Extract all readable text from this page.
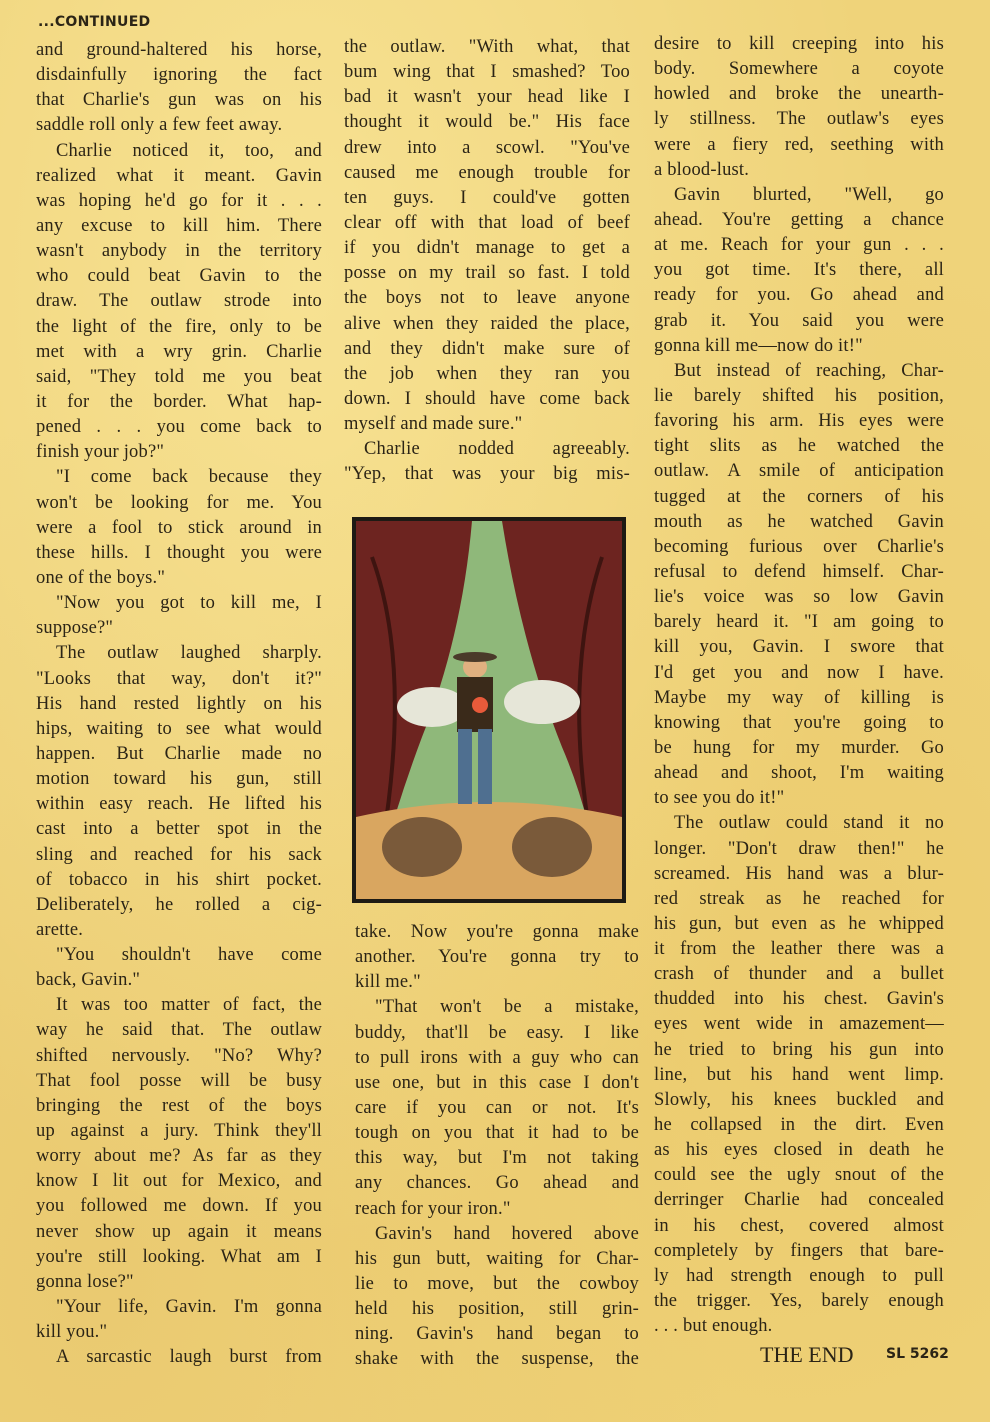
...CONTINUED
and ground-haltered his horse,
disdainfully ignoring the fact
that Charlie's gun was on his
saddle roll only a few feet away.
Charlie noticed it, too, and
realized what it meant. Gavin
was hoping he'd go for it . . .
any excuse to kill him. There
wasn't anybody in the territory
who could beat Gavin to the
draw. The outlaw strode into
the light of the fire, only to be
met with a wry grin. Charlie
said, "They told me you beat
it for the border. What hap-
pened . . . you come back to
finish your job?"
"I come back because they
won't be looking for me. You
were a fool to stick around in
these hills. I thought you were
one of the boys."
"Now you got to kill me, I
suppose?"
The outlaw laughed sharply.
"Looks that way, don't it?"
His hand rested lightly on his
hips, waiting to see what would
happen. But Charlie made no
motion toward his gun, still
within easy reach. He lifted his
cast into a better spot in the
sling and reached for his sack
of tobacco in his shirt pocket.
Deliberately, he rolled a cig-
arette.
"You shouldn't have come
back, Gavin."
It was too matter of fact, the
way he said that. The outlaw
shifted nervously. "No? Why?
That fool posse will be busy
bringing the rest of the boys
up against a jury. Think they'll
worry about me? As far as they
know I lit out for Mexico, and
you followed me down. If you
never show up again it means
you're still looking. What am I
gonna lose?"
"Your life, Gavin. I'm gonna
kill you."
A sarcastic laugh burst from
the outlaw. "With what, that
bum wing that I smashed? Too
bad it wasn't your head like I
thought it would be." His face
drew into a scowl. "You've
caused me enough trouble for
ten guys. I could've gotten
clear off with that load of beef
if you didn't manage to get a
posse on my trail so fast. I told
the boys not to leave anyone
alive when they raided the place,
and they didn't make sure of
the job when they ran you
down. I should have come back
myself and made sure."
Charlie nodded agreeably.
"Yep, that was your big mis-
take. Now you're gonna make
another. You're gonna try to
kill me."
"That won't be a mistake,
buddy, that'll be easy. I like
to pull irons with a guy who can
use one, but in this case I don't
care if you can or not. It's
tough on you that it had to be
this way, but I'm not taking
any chances. Go ahead and
reach for your iron."
Gavin's hand hovered above
his gun butt, waiting for Char-
lie to move, but the cowboy
held his position, still grin-
ning. Gavin's hand began to
shake with the suspense, the
desire to kill creeping into his
body. Somewhere a coyote
howled and broke the unearth-
ly stillness. The outlaw's eyes
were a fiery red, seething with
a blood-lust.
Gavin blurted, "Well, go
ahead. You're getting a chance
at me. Reach for your gun . . .
you got time. It's there, all
ready for you. Go ahead and
grab it. You said you were
gonna kill me—now do it!"
But instead of reaching, Char-
lie barely shifted his position,
favoring his arm. His eyes were
tight slits as he watched the
outlaw. A smile of anticipation
tugged at the corners of his
mouth as he watched Gavin
becoming furious over Charlie's
refusal to defend himself. Char-
lie's voice was so low Gavin
barely heard it. "I am going to
kill you, Gavin. I swore that
I'd get you and now I have.
Maybe my way of killing is
knowing that you're going to
be hung for my murder. Go
ahead and shoot, I'm waiting
to see you do it!"
The outlaw could stand it no
longer. "Don't draw then!" he
screamed. His hand was a blur-
red streak as he reached for
his gun, but even as he whipped
it from the leather there was a
crash of thunder and a bullet
thudded into his chest. Gavin's
eyes went wide in amazement—
he tried to bring his gun into
line, but his hand went limp.
Slowly, his knees buckled and
he collapsed in the dirt. Even
as his eyes closed in death he
could see the ugly snout of the
derringer Charlie had concealed
in his chest, covered almost
completely by fingers that bare-
ly had strength enough to pull
the trigger. Yes, barely enough
. . . but enough.
THE END SL 5262
